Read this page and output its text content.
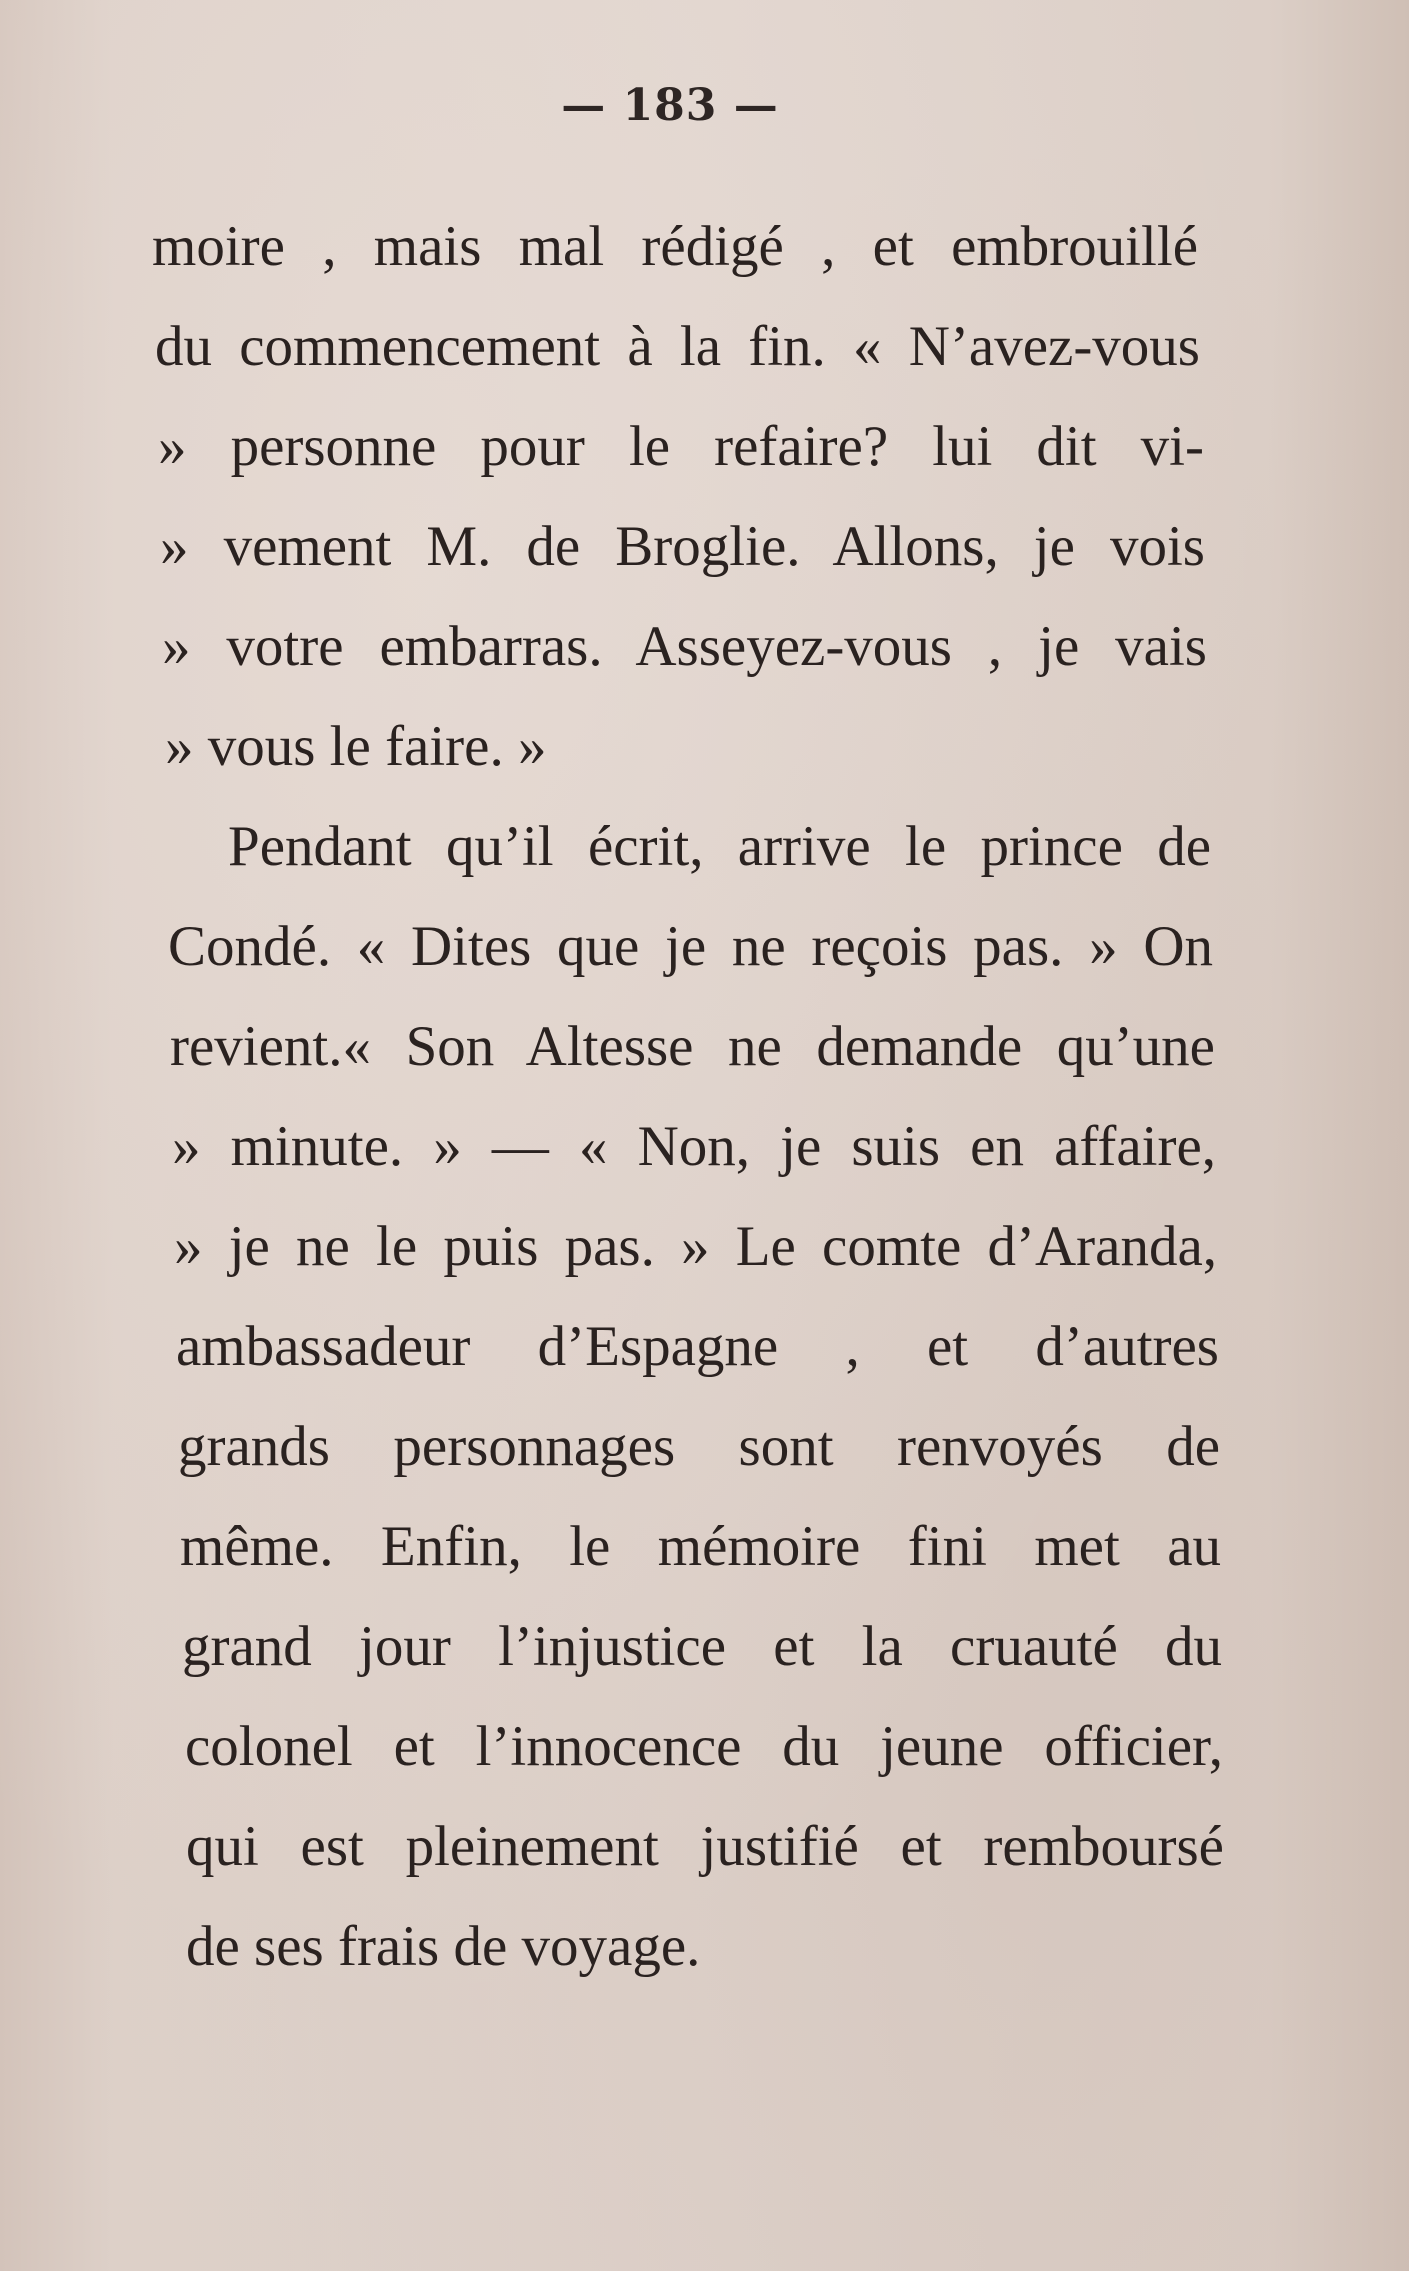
— 183 —
moire , mais mal rédigé , et embrouillé
du commencement à la fin. « N’avez-vous
» personne pour le refaire? lui dit vi-
» vement M. de Broglie. Allons, je vois
» votre embarras. Asseyez-vous , je vais
» vous le faire. »
Pendant qu’il écrit, arrive le prince de
Condé. « Dites que je ne reçois pas. » On
revient.« Son Altesse ne demande qu’une
» minute. » — « Non, je suis en affaire,
» je ne le puis pas. » Le comte d’Aranda,
ambassadeur d’Espagne , et d’autres
grands personnages sont renvoyés de
même. Enfin, le mémoire fini met au
grand jour l’injustice et la cruauté du
colonel et l’innocence du jeune officier,
qui est pleinement justifié et remboursé
de ses frais de voyage.
